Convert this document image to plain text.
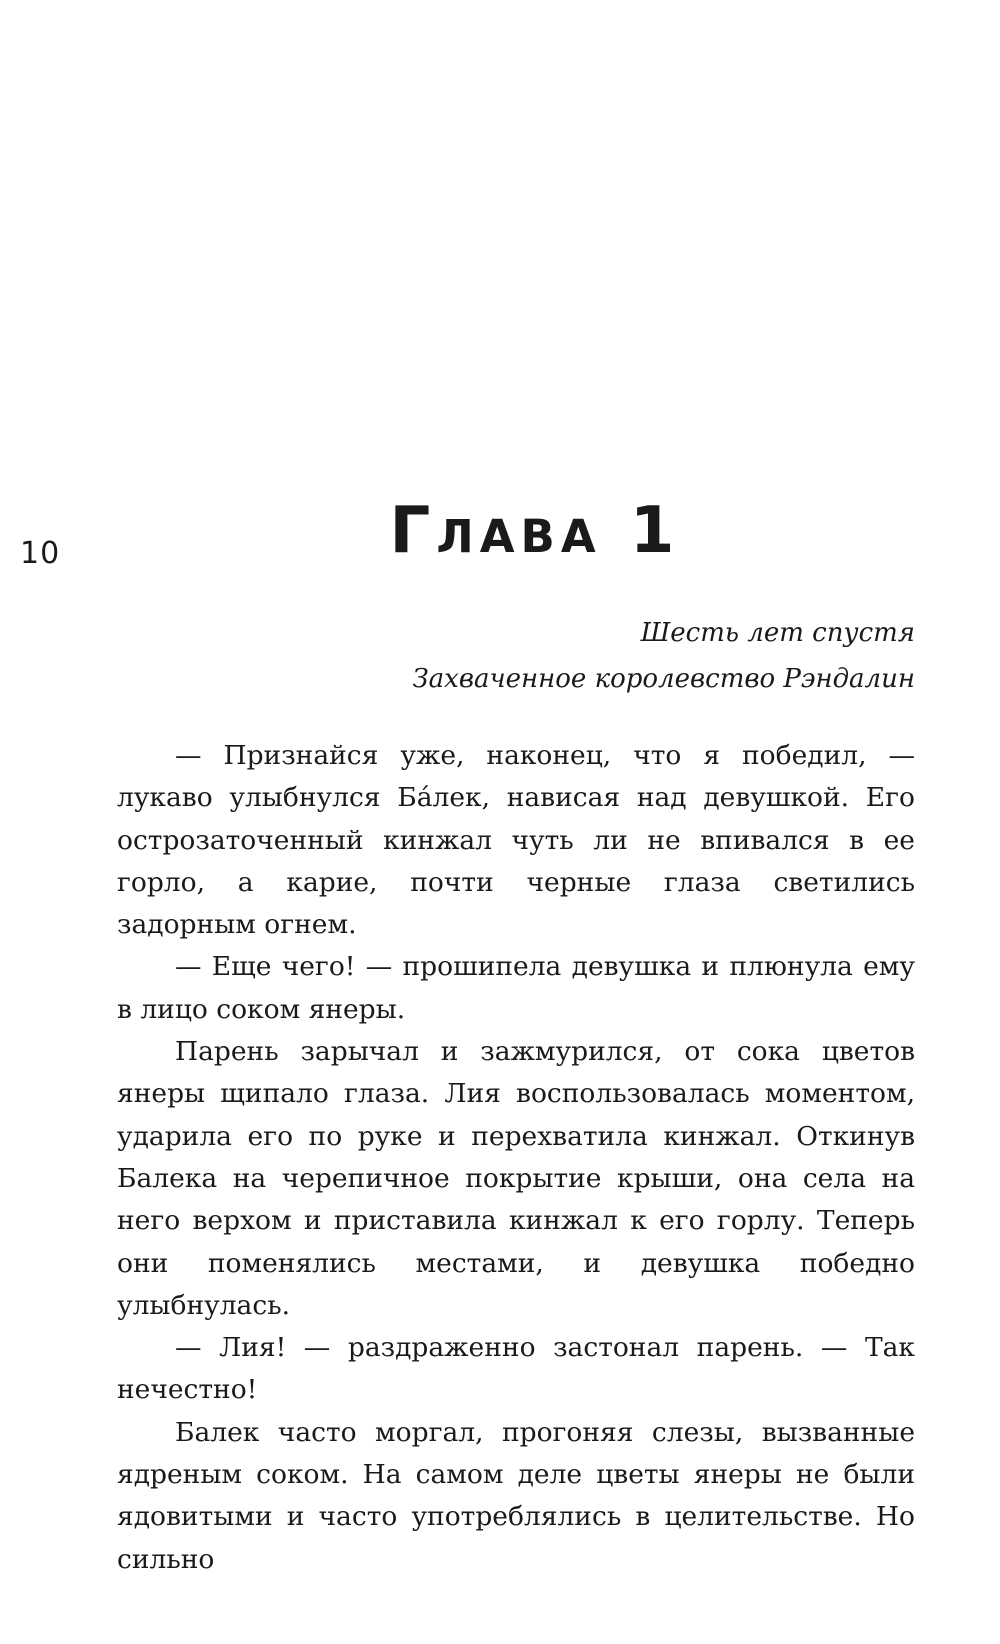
10	Глава 1
Шесть лет спустя
Захваченное королевство Рэндалин

— Признайся уже, наконец, что я победил, — лукаво улыбнулся Ба́лек, нависая над девушкой. Его острозаточенный кинжал чуть ли не впивался в ее горло, а карие, почти черные глаза светились задорным огнем.

— Еще чего! — прошипела девушка и плюнула ему в лицо соком янеры.

Парень зарычал и зажмурился, от сока цветов янеры щипало глаза. Лия воспользовалась моментом, ударила его по руке и перехватила кинжал. Откинув Балека на черепичное покрытие крыши, она села на него верхом и приставила кинжал к его горлу. Теперь они поменялись местами, и девушка победно улыбнулась.

— Лия! — раздраженно застонал парень. — Так нечестно!

Балек часто моргал, прогоняя слезы, вызванные ядреным соком. На самом деле цветы янеры не были ядовитыми и часто употреблялись в целительстве. Но сильно
